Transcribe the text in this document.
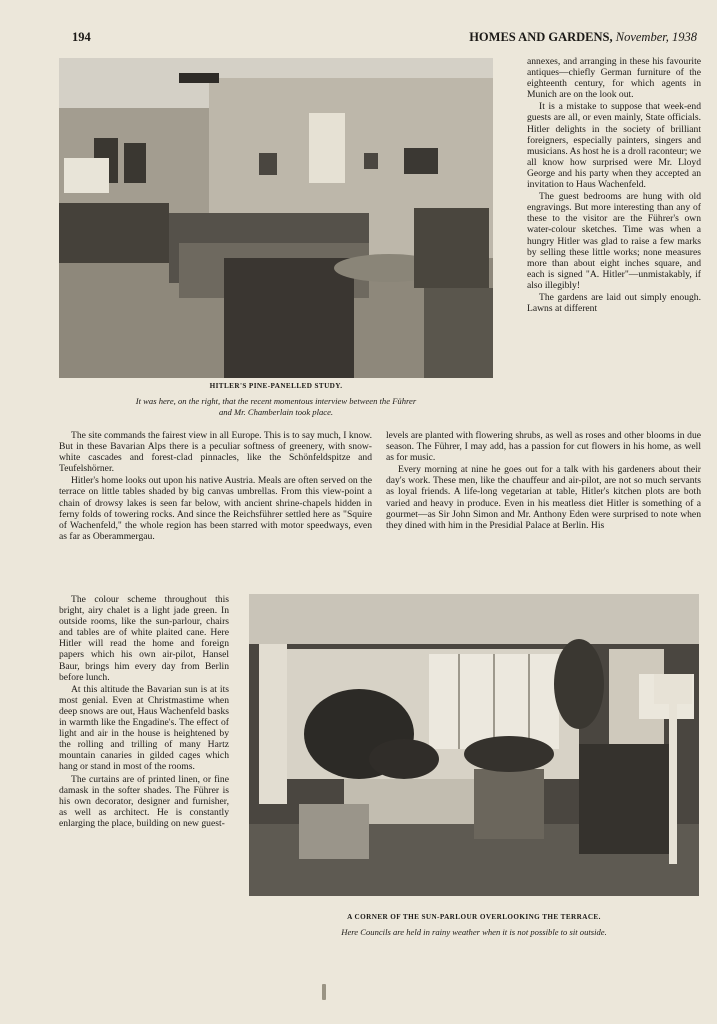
194	HOMES AND GARDENS, November, 1938
HITLER'S PINE-PANELLED STUDY.
It was here, on the right, that the recent momentous interview between the Führer
and Mr. Chamberlain took place.

annexes, and arranging in these his favourite antiques—chiefly German furniture of the eighteenth century, for which agents in Munich are on the look out.

It is a mistake to suppose that week-end guests are all, or even mainly, State officials. Hitler delights in the society of brilliant foreigners, especially painters, singers and musicians. As host he is a droll raconteur; we all know how surprised were Mr. Lloyd George and his party when they accepted an invitation to Haus Wachenfeld.

The guest bedrooms are hung with old engravings. But more interesting than any of these to the visitor are the Führer's own water-colour sketches. Time was when a hungry Hitler was glad to raise a few marks by selling these little works; none measures more than about eight inches square, and each is signed "A. Hitler"—unmistakably, if also illegibly!

The gardens are laid out simply enough. Lawns at different

The site commands the fairest view in all Europe. This is to say much, I know. But in these Bavarian Alps there is a peculiar softness of greenery, with snow-white cascades and forest-clad pinnacles, like the Schönfeldspitze and Teufelshörner.

Hitler's home looks out upon his native Austria. Meals are often served on the terrace on little tables shaded by big canvas umbrellas. From this view-point a chain of drowsy lakes is seen far below, with ancient shrine-chapels hidden in ferny folds of towering rocks. And since the Reichsführer settled here as "Squire of Wachenfeld," the whole region has been starred with motor speedways, even as far as Oberammergau.

levels are planted with flowering shrubs, as well as roses and other blooms in due season. The Führer, I may add, has a passion for cut flowers in his home, as well as for music.

Every morning at nine he goes out for a talk with his gardeners about their day's work. These men, like the chauffeur and air-pilot, are not so much servants as loyal friends. A life-long vegetarian at table, Hitler's kitchen plots are both varied and heavy in produce. Even in his meatless diet Hitler is something of a gourmet—as Sir John Simon and Mr. Anthony Eden were surprised to note when they dined with him in the Presidial Palace at Berlin. His

The colour scheme throughout this bright, airy chalet is a light jade green. In outside rooms, like the sun-parlour, chairs and tables are of white plaited cane. Here Hitler will read the home and foreign papers which his own air-pilot, Hansel Baur, brings him every day from Berlin before lunch.

At this altitude the Bavarian sun is at its most genial. Even at Christmastime when deep snows are out, Haus Wachenfeld basks in warmth like the Engadine's. The effect of light and air in the house is heightened by the rolling and trilling of many Hartz mountain canaries in gilded cages which hang or stand in most of the rooms.

The curtains are of printed linen, or fine damask in the softer shades. The Führer is his own decorator, designer and furnisher, as well as architect. He is constantly enlarging the place, building on new guest-

A CORNER OF THE SUN-PARLOUR OVERLOOKING THE TERRACE.
Here Councils are held in rainy weather when it is not possible to sit outside.
